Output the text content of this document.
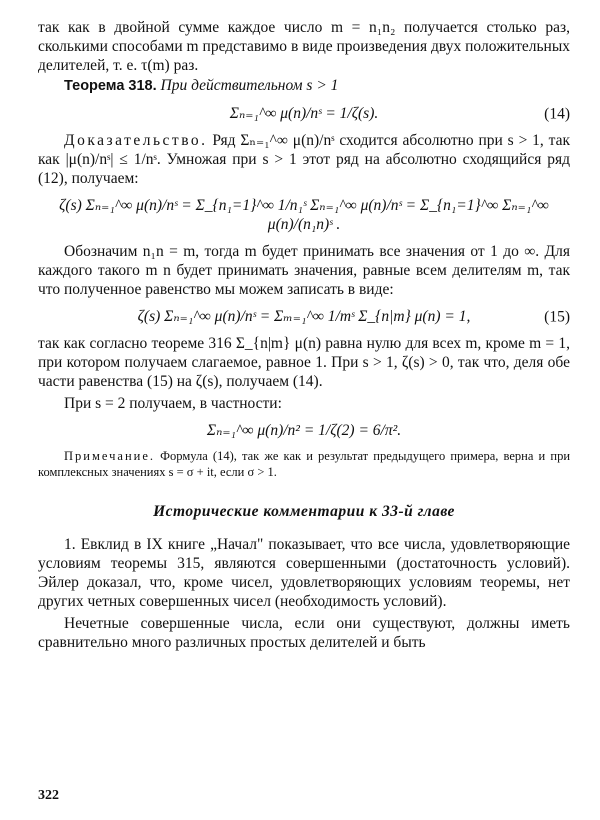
так как в двойной сумме каждое число m = n₁n₂ получается столько раз, сколькими способами m представимо в виде произведения двух положительных делителей, т. е. τ(m) раз.

Теорема 318. При действительном s > 1

Σₙ₌₁^∞ μ(n)/nˢ = 1/ζ(s).	(14)

Доказательство. Ряд Σₙ₌₁^∞ μ(n)/nˢ сходится абсолютно при s > 1, так как |μ(n)/nˢ| ≤ 1/nˢ. Умножая при s > 1 этот ряд на абсолютно сходящийся ряд (12), получаем:

ζ(s) Σₙ₌₁^∞ μ(n)/nˢ = Σ_{n₁=1}^∞ 1/n₁ˢ Σₙ₌₁^∞ μ(n)/nˢ = Σ_{n₁=1}^∞ Σₙ₌₁^∞ μ(n)/(n₁n)ˢ .

Обозначим n₁n = m, тогда m будет принимать все значения от 1 до ∞. Для каждого такого m n будет принимать значения, равные всем делителям m, так что полученное равенство мы можем записать в виде:

ζ(s) Σₙ₌₁^∞ μ(n)/nˢ = Σₘ₌₁^∞ 1/mˢ Σ_{n|m} μ(n) = 1,	(15)

так как согласно теореме 316 Σ_{n|m} μ(n) равна нулю для всех m, кроме m = 1, при котором получаем слагаемое, равное 1. При s > 1, ζ(s) > 0, так что, деля обе части равенства (15) на ζ(s), получаем (14).

При s = 2 получаем, в частности:

Σₙ₌₁^∞ μ(n)/n² = 1/ζ(2) = 6/π².

Примечание. Формула (14), так же как и результат предыдущего примера, верна и при комплексных значениях s = σ + it, если σ > 1.

Исторические комментарии к 33-й главе

1. Евклид в IX книге „Начал" показывает, что все числа, удовлетворяющие условиям теоремы 315, являются совершенными (достаточность условий). Эйлер доказал, что, кроме чисел, удовлетворяющих условиям теоремы, нет других четных совершенных чисел (необходимость условий).

Нечетные совершенные числа, если они существуют, должны иметь сравнительно много различных простых делителей и быть

322
